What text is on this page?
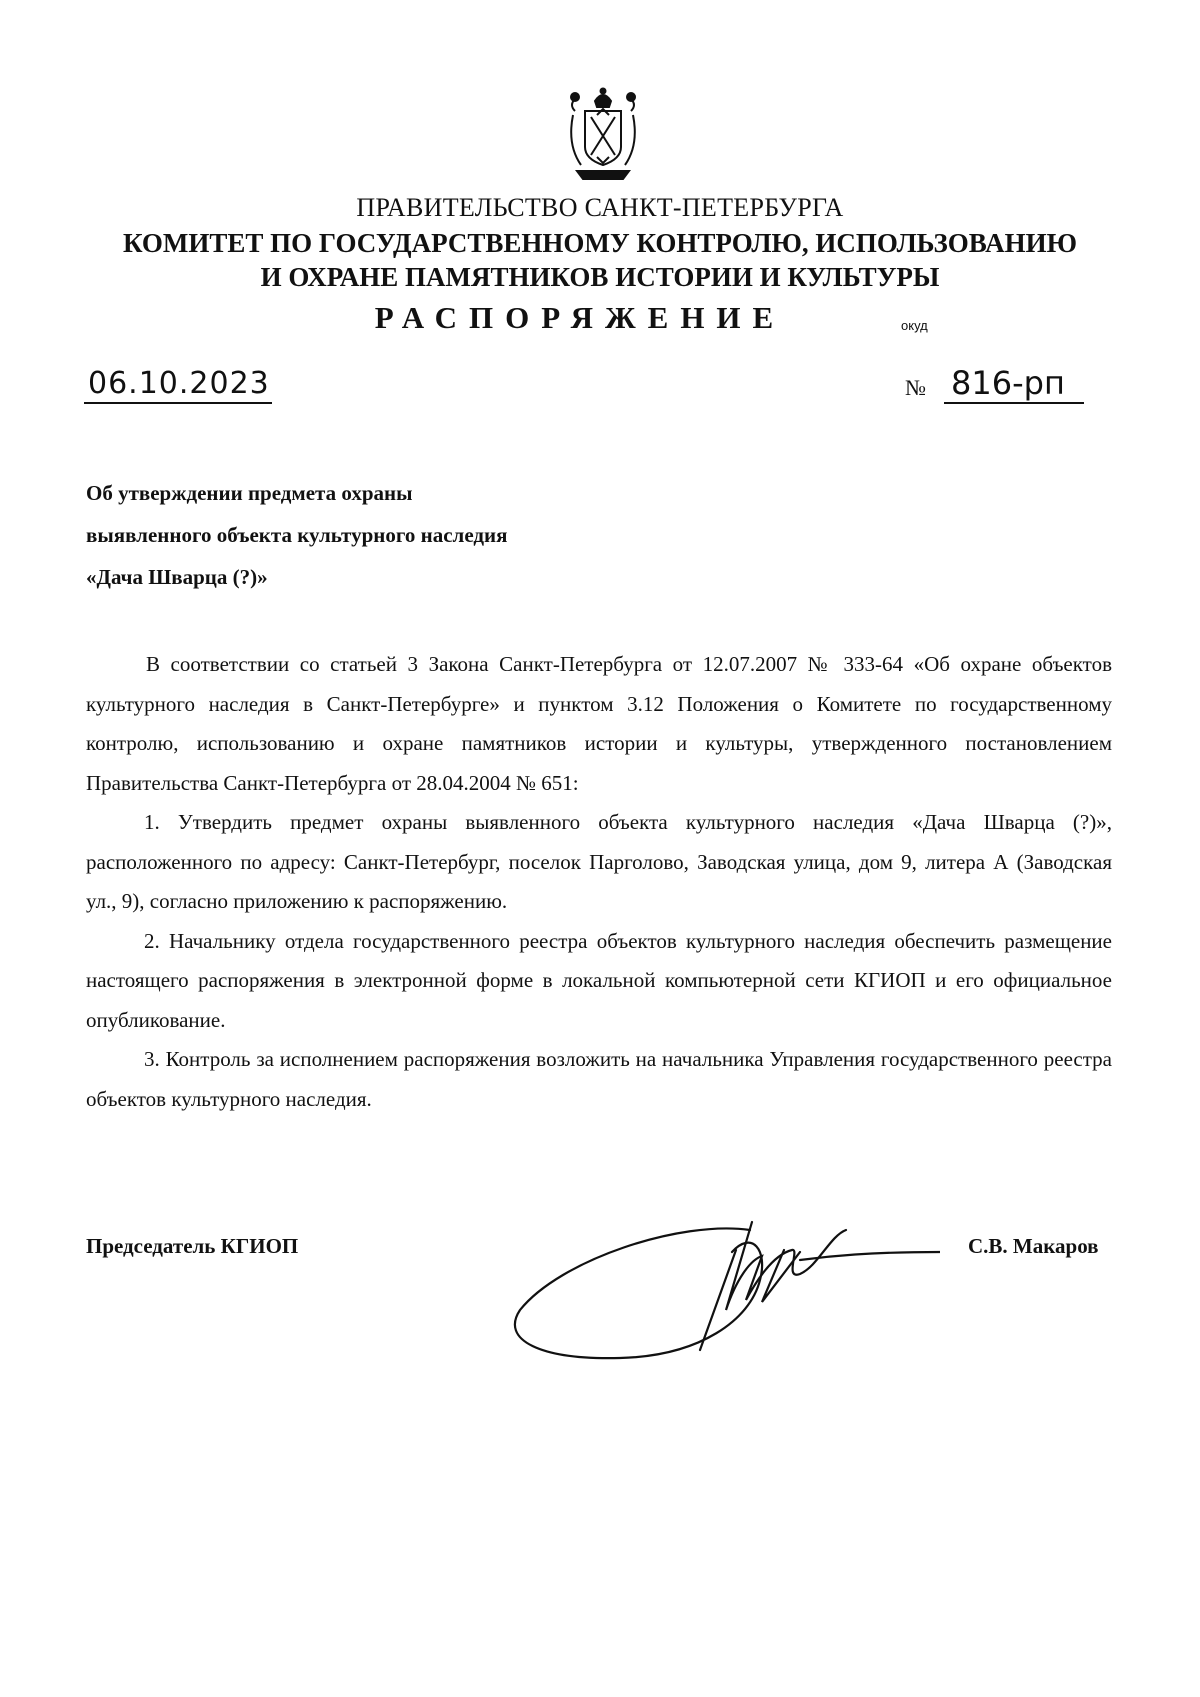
ПРАВИТЕЛЬСТВО САНКТ-ПЕТЕРБУРГА
КОМИТЕТ ПО ГОСУДАРСТВЕННОМУ КОНТРОЛЮ, ИСПОЛЬЗОВАНИЮ
И ОХРАНЕ ПАМЯТНИКОВ ИСТОРИИ И КУЛЬТУРЫ
РАСПОРЯЖЕНИЕ	окуд
06.10.2023	№ 816-рп
Об утверждении предмета охраны
выявленного объекта культурного наследия
«Дача Шварца (?)»

В соответствии со статьей 3 Закона Санкт-Петербурга от 12.07.2007 № 333-64 «Об охране объектов культурного наследия в Санкт-Петербурге» и пунктом 3.12 Положения о Комитете по государственному контролю, использованию и охране памятников истории и культуры, утвержденного постановлением Правительства Санкт-Петербурга от 28.04.2004 № 651:

1. Утвердить предмет охраны выявленного объекта культурного наследия «Дача Шварца (?)», расположенного по адресу: Санкт-Петербург, поселок Парголово, Заводская улица, дом 9, литера А (Заводская ул., 9), согласно приложению к распоряжению.

2. Начальнику отдела государственного реестра объектов культурного наследия обеспечить размещение настоящего распоряжения в электронной форме в локальной компьютерной сети КГИОП и его официальное опубликование.

3. Контроль за исполнением распоряжения возложить на начальника Управления государственного реестра объектов культурного наследия.

Председатель КГИОП	С.В. Макаров
